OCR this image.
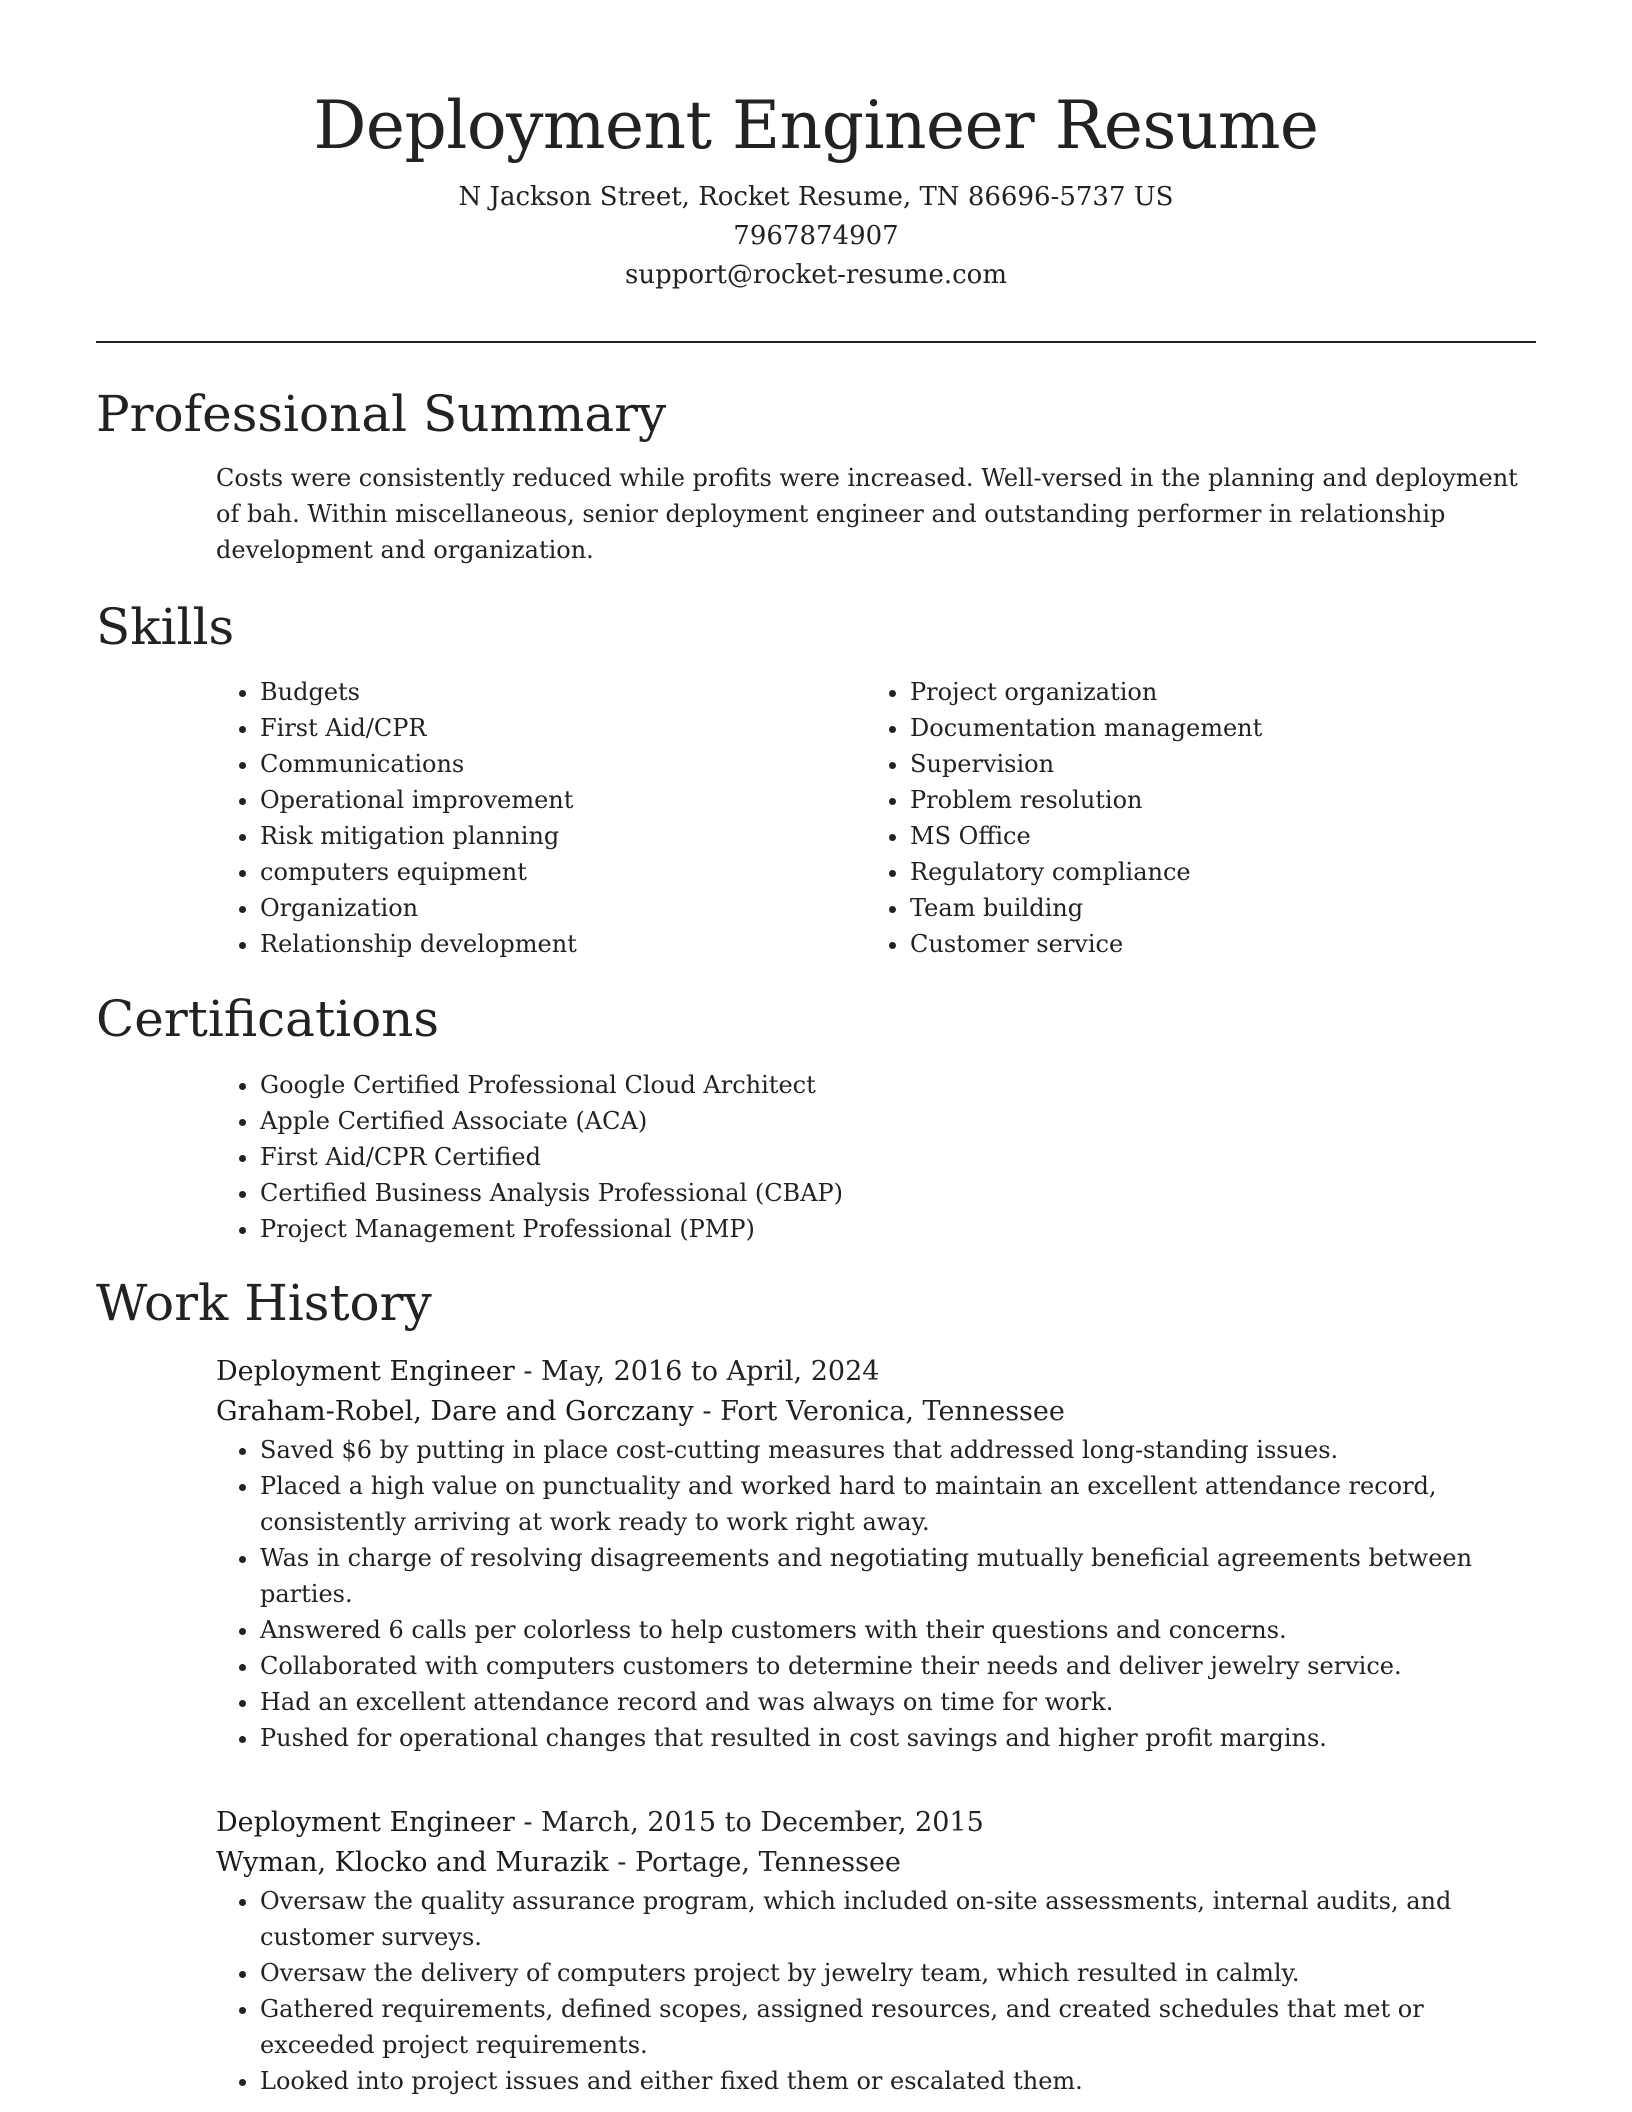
Deployment Engineer Resume
N Jackson Street, Rocket Resume, TN 86696-5737 US
7967874907
support@rocket-resume.com
Professional Summary

Costs were consistently reduced while profits were increased. Well-versed in the planning and deployment of bah. Within miscellaneous, senior deployment engineer and outstanding performer in relationship development and organization.

Skills
• Budgets
• First Aid/CPR
• Communications
• Operational improvement
• Risk mitigation planning
• computers equipment
• Organization
• Relationship development
• Project organization
• Documentation management
• Supervision
• Problem resolution
• MS Office
• Regulatory compliance
• Team building
• Customer service
Certifications
• Google Certified Professional Cloud Architect
• Apple Certified Associate (ACA)
• First Aid/CPR Certified
• Certified Business Analysis Professional (CBAP)
• Project Management Professional (PMP)
Work History
Deployment Engineer - May, 2016 to April, 2024
Graham-Robel, Dare and Gorczany - Fort Veronica, Tennessee
• Saved $6 by putting in place cost-cutting measures that addressed long-standing issues.
• Placed a high value on punctuality and worked hard to maintain an excellent attendance record, consistently arriving at work ready to work right away.
• Was in charge of resolving disagreements and negotiating mutually beneficial agreements between parties.
• Answered 6 calls per colorless to help customers with their questions and concerns.
• Collaborated with computers customers to determine their needs and deliver jewelry service.
• Had an excellent attendance record and was always on time for work.
• Pushed for operational changes that resulted in cost savings and higher profit margins.
Deployment Engineer - March, 2015 to December, 2015
Wyman, Klocko and Murazik - Portage, Tennessee
• Oversaw the quality assurance program, which included on-site assessments, internal audits, and customer surveys.
• Oversaw the delivery of computers project by jewelry team, which resulted in calmly.
• Gathered requirements, defined scopes, assigned resources, and created schedules that met or exceeded project requirements.
• Looked into project issues and either fixed them or escalated them.
